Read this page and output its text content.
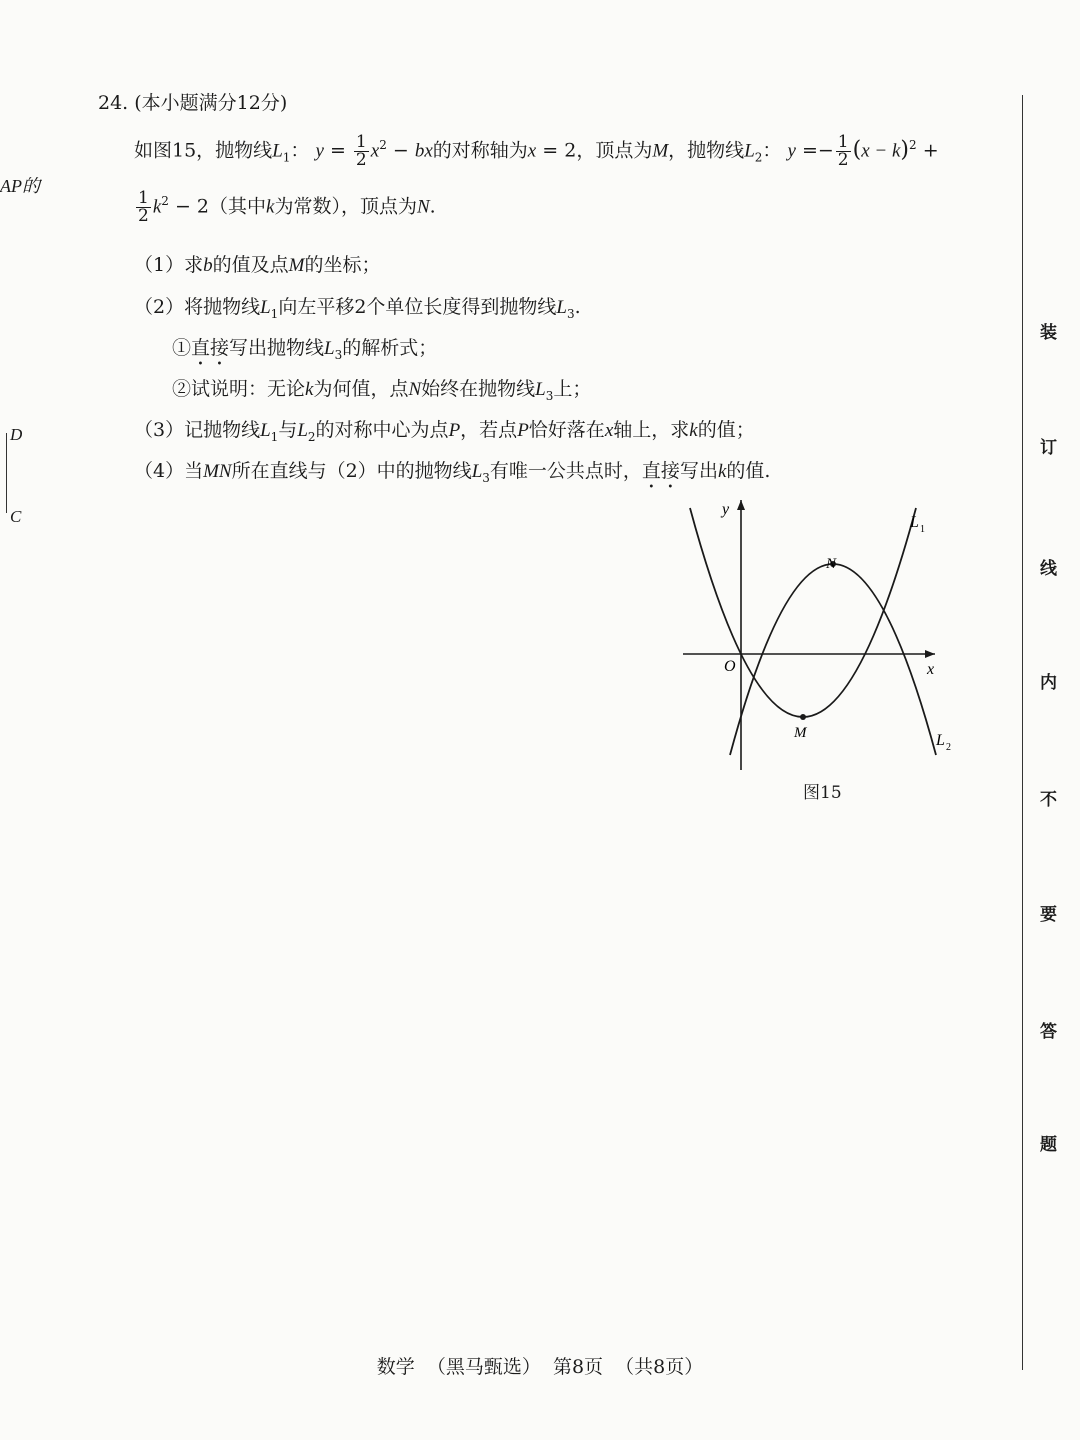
AP的
D
C
24. (本小题满分12分)
如图15，抛物线$L_1$： $y = \frac{1}{2} x^2$ − bx的对称轴为x = 2，顶点为M，抛物线$L_2$： $y =- \frac{1}{2} (x - k)^2$ +
$\frac{1}{2} k^2 - 2$（其中k为常数），顶点为N.
（1）求b的值及点M的坐标；
（2）将抛物线$L_1$向左平移2个单位长度得到抛物线$L_3$.
①直接写出抛物线$L_3$的解析式；
②试说明：无论k为何值，点N始终在抛物线$L_3$上；
（3）记抛物线$L_1$与$L_2$的对称中心为点P，若点P恰好落在x轴上，求k的值；
（4）当MN所在直线与（2）中的抛物线$L_3$有唯一公共点时，直接写出k的值.
y
x
O
N
M
L 1
L 2
图15
装
订
线
内
不
要
答
题
数学  （黑马甄选）  第8页  （共8页）
